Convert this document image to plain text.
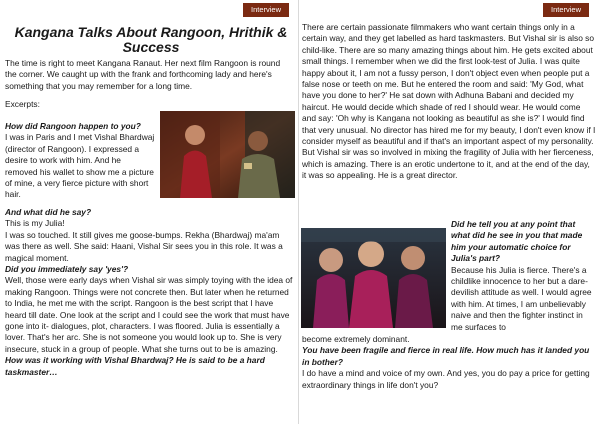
Interview	Interview
Kangana Talks About Rangoon, Hrithik & Success

The time is right to meet Kangana Ranaut. Her next film Rangoon is round the corner. We caught up with the frank and forthcoming lady and here's something that you may remember for a long time.

Excerpts:

How did Rangoon happen to you?

I was in Paris and I met Vishal Bhardwaj (director of Rangoon). I expressed a desire to work with him. And he removed his wallet to show me a picture of mine, a very fierce picture with short hair.

And what did he say?

This is my Julia!

I was so touched. It still gives me goose-bumps. Rekha (Bhardwaj) ma'am was there as well. She said: Haani, Vishal Sir sees you in this role. It was a magical moment.

Did you immediately say 'yes'?

Well, those were early days when Vishal sir was simply toying with the idea of making Rangoon. Things were not concrete then. But later when he returned to India, he met me with the script. Rangoon is the best script that I have heard till date. One look at the script and I could see the work that must have gone into it- dialogues, plot, characters. I was floored. Julia is essentially a lover. That's her arc. She is not someone you would look up to. She is very insecure, stuck in a group of people. What she turns out to be is amazing.

How was it working with Vishal Bhardwaj? He is said to be a hard taskmaster…

There are certain passionate filmmakers who want certain things only in a certain way, and they get labelled as hard taskmasters. But Vishal sir is also so child-like. There are so many amazing things about him. He gets excited about small things. I remember when we did the first look-test of Julia. I was quite happy about it, I am not a fussy person, I don't object even when people put a false nose or teeth on me. But he entered the room and said: 'My God, what have you done to her?' He sat down with Adhuna Babani and decided my haircut. He would decide which shade of red I should wear. He would come and say: 'Oh why is Kangana not looking as beautiful as she is?' I would find that very unusual. No director has hired me for my beauty, I don't even know if I consider myself as beautiful and if that's an important aspect of my personality. But Vishal sir was so involved in mixing the fragility of Julia with her fierceness, which is amazing. There is an erotic undertone to it, and at the end of the day, it was so appealing. He is a great director.

Did he tell you at any point that what did he see in you that made him your automatic choice for Julia's part?

Because his Julia is fierce. There's a childlike innocence to her but a dare-devilish attitude as well. I would agree with him. At times, I am unbelievably naive and then the fighter instinct in me surfaces to

become extremely dominant.

You have been fragile and fierce in real life. How much has it landed you in bother?

I do have a mind and voice of my own. And yes, you do pay a price for getting extraordinary things in life don't you?
